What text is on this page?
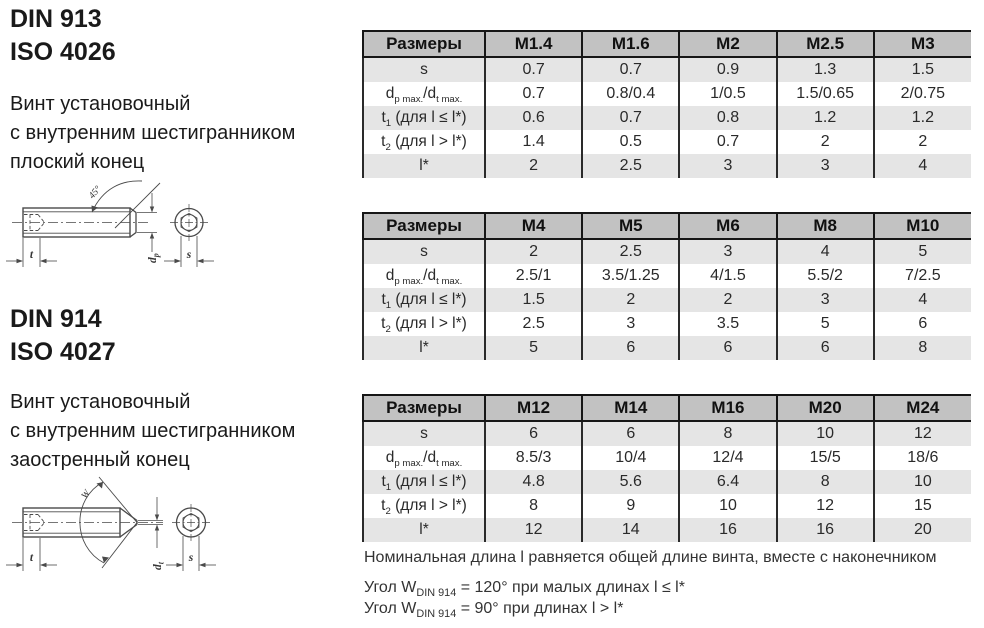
DIN 913
ISO 4026
Винт установочный
с внутренним шестигранником
плоский конец
t	s
$d_p$
45°
DIN 914
ISO 4027
Винт установочный
с внутренним шестигранником
заостренный конец
t	s
$d_t$
W
Размеры	M1.4	M1.6	M2	M2.5	M3
s	0.7	0.7	0.9	1.3	1.5
$d_{p max.}/d_{t max.}$	0.7	0.8/0.4	1/0.5	1.5/0.65	2/0.75
$t_1$ (для l ≤ l*)	0.6	0.7	0.8	1.2	1.2
$t_2$ (для l > l*)	1.4	0.5	0.7	2	2
l*	2	2.5	3	3	4
Размеры	M4	M5	M6	M8	M10
s	2	2.5	3	4	5
$d_{p max.}/d_{t max.}$	2.5/1	3.5/1.25	4/1.5	5.5/2	7/2.5
$t_1$ (для l ≤ l*)	1.5	2	2	3	4
$t_2$ (для l > l*)	2.5	3	3.5	5	6
l*	5	6	6	6	8
Размеры	M12	M14	M16	M20	M24
s	6	6	8	10	12
$d_{p max.}/d_{t max.}$	8.5/3	10/4	12/4	15/5	18/6
$t_1$ (для l ≤ l*)	4.8	5.6	6.4	8	10
$t_2$ (для l > l*)	8	9	10	12	15
l*	12	14	16	16	20
Номинальная длина l равняется общей длине винта, вместе с наконечником
Угол $W_{DIN 914} = 120^\circ$ при малых длинах l ≤ l*
Угол $W_{DIN 914} = 90^\circ$ при длинах l > l*
